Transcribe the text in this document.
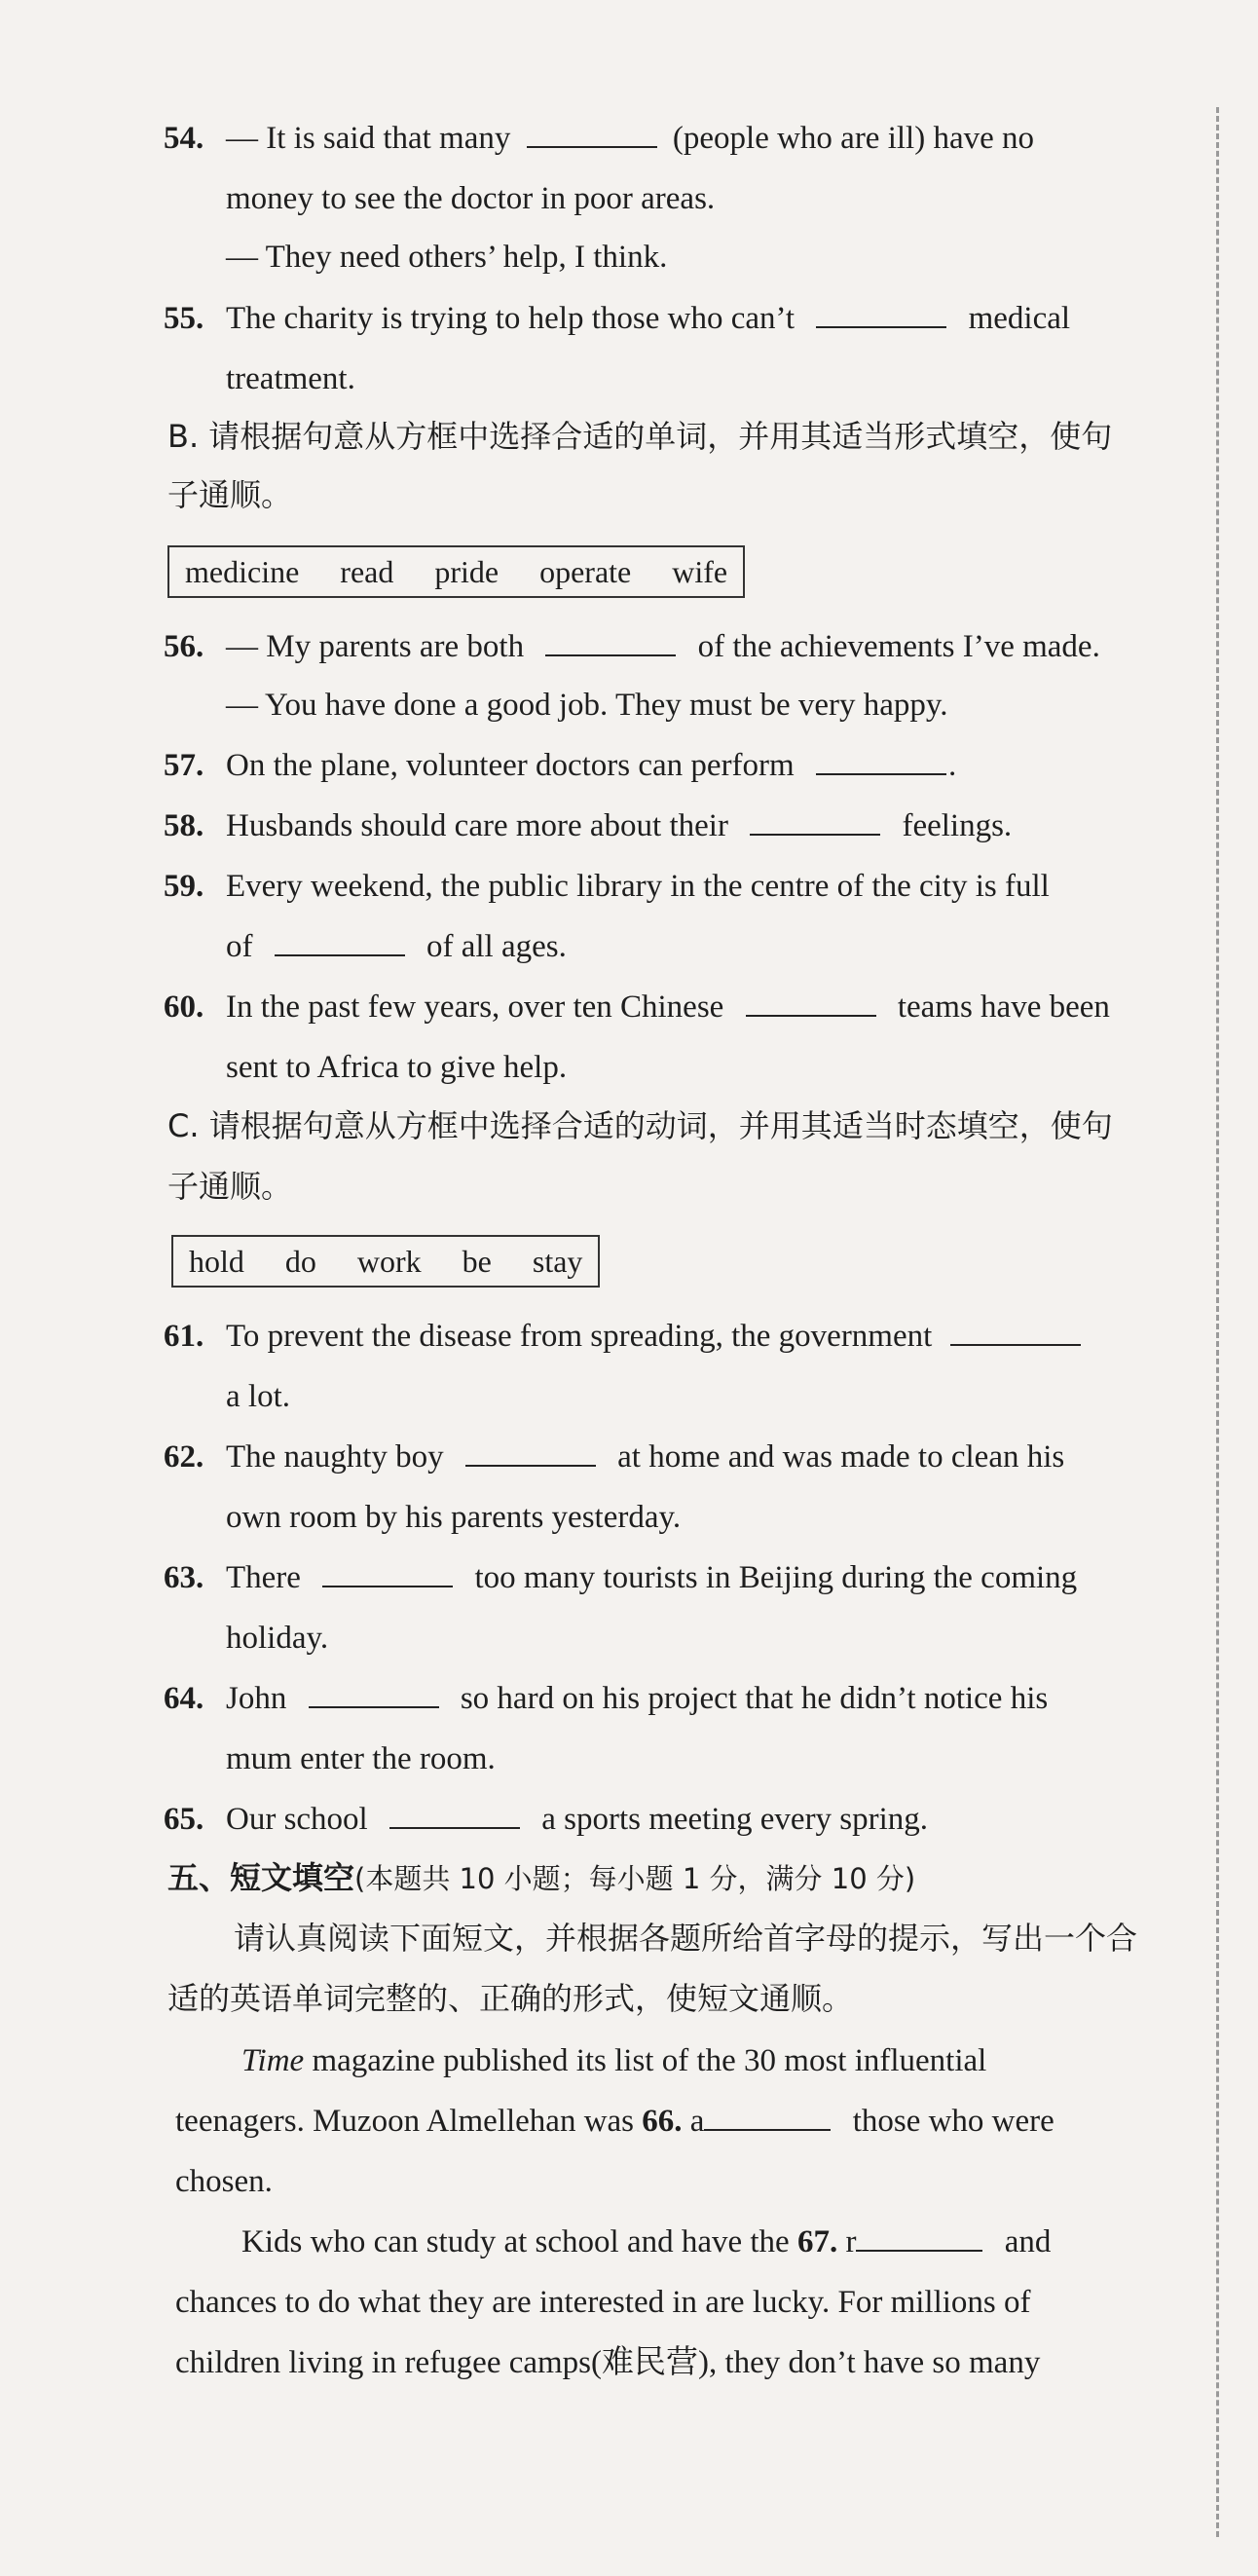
54. — It is said that many	(people who are ill) have no
money to see the doctor in poor areas.
— They need others’ help, I think.
55. The charity is trying to help those who can’t	medical
treatment.
B. 请根据句意从方框中选择合适的单词，并用其适当形式填空，使句
子通顺。
medicine read pride operate wife
56. — My parents are both	of the achievements I’ve made.
— You have done a good job. They must be very happy.
57. On the plane, volunteer doctors can perform	.
58. Husbands should care more about their	feelings.
59. Every weekend, the public library in the centre of the city is full
of	of all ages.
60. In the past few years, over ten Chinese	teams have been
sent to Africa to give help.
C. 请根据句意从方框中选择合适的动词，并用其适当时态填空，使句
子通顺。
hold do work be stay
61. To prevent the disease from spreading, the government
a lot.
62. The naughty boy	at home and was made to clean his
own room by his parents yesterday.
63. There	too many tourists in Beijing during the coming
holiday.
64. John	so hard on his project that he didn’t notice his
mum enter the room.
65. Our school	a sports meeting every spring.
五、短文填空(本题共 10 小题；每小题 1 分，满分 10 分)
请认真阅读下面短文，并根据各题所给首字母的提示，写出一个合
适的英语单词完整的、正确的形式，使短文通顺。
Time magazine published its list of the 30 most influential
teenagers. Muzoon Almellehan was 66. a	those who were
chosen.
Kids who can study at school and have the 67. r	and
chances to do what they are interested in are lucky. For millions of
children living in refugee camps(难民营), they don’t have so many
